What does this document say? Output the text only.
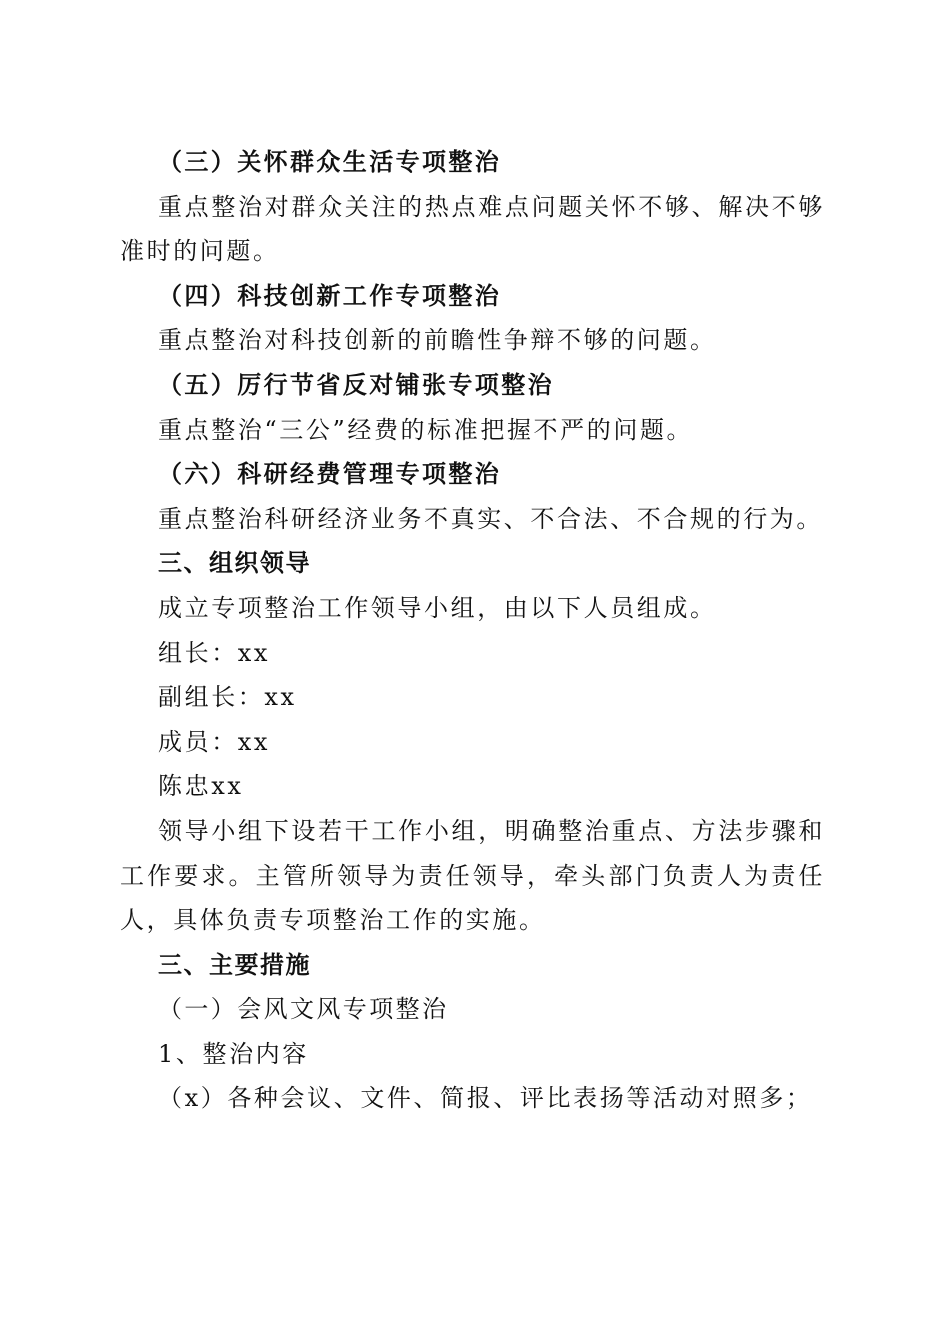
（三）关怀群众生活专项整治
重点整治对群众关注的热点难点问题关怀不够、解决不够准时的问题。
（四）科技创新工作专项整治
重点整治对科技创新的前瞻性争辩不够的问题。
（五）厉行节省反对铺张专项整治
重点整治“三公”经费的标准把握不严的问题。
（六）科研经费管理专项整治
重点整治科研经济业务不真实、不合法、不合规的行为。
三、组织领导
成立专项整治工作领导小组，由以下人员组成。
组长：xx
副组长：xx
成员：xx
陈忠xx
领导小组下设若干工作小组，明确整治重点、方法步骤和工作要求。主管所领导为责任领导，牵头部门负责人为责任人，具体负责专项整治工作的实施。
三、主要措施
（一）会风文风专项整治
1、整治内容
（x）各种会议、文件、简报、评比表扬等活动对照多；
